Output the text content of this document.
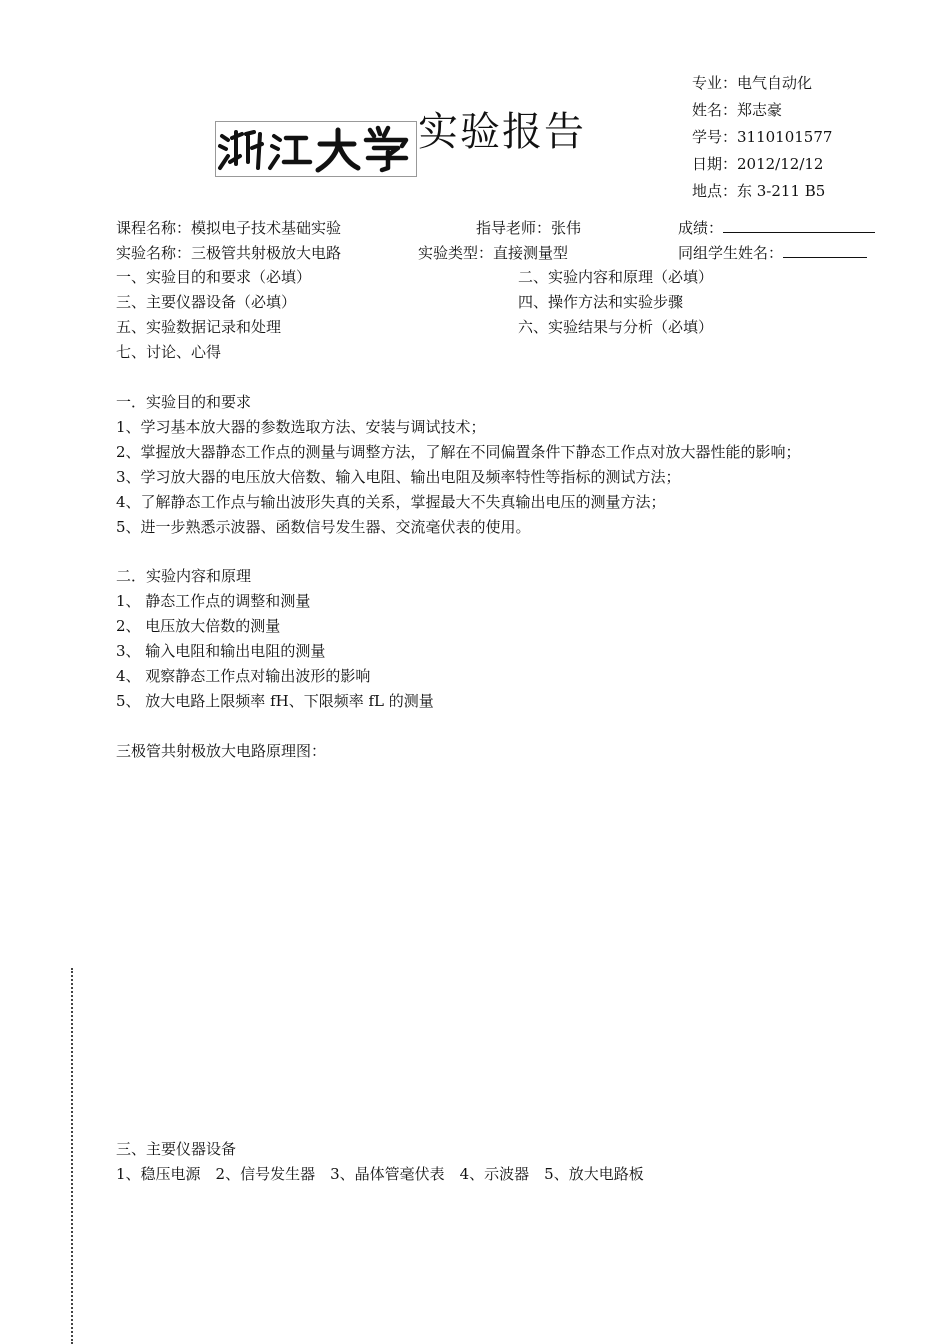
实验报告
专业：电气自动化
姓名：郑志豪
学号：3110101577
日期：2012/12/12
地点：东 3-211 B5
课程名称：模拟电子技术基础实验	指导老师：张伟	成绩：
实验名称：三极管共射极放大电路	实验类型：直接测量型	同组学生姓名：
一、实验目的和要求（必填）	二、实验内容和原理（必填）
三、主要仪器设备（必填）	四、操作方法和实验步骤
五、实验数据记录和处理	六、实验结果与分析（必填）
七、讨论、心得
一．实验目的和要求
1、学习基本放大器的参数选取方法、安装与调试技术；
2、掌握放大器静态工作点的测量与调整方法，了解在不同偏置条件下静态工作点对放大器性能的影响；
3、学习放大器的电压放大倍数、输入电阻、输出电阻及频率特性等指标的测试方法；
4、了解静态工作点与输出波形失真的关系，掌握最大不失真输出电压的测量方法；
5、进一步熟悉示波器、函数信号发生器、交流毫伏表的使用。
二．实验内容和原理
1、 静态工作点的调整和测量
2、 电压放大倍数的测量
3、 输入电阻和输出电阻的测量
4、 观察静态工作点对输出波形的影响
5、 放大电路上限频率 fH、下限频率 fL 的测量
三极管共射极放大电路原理图：
三、主要仪器设备
1、稳压电源　2、信号发生器　3、晶体管毫伏表　4、示波器　5、放大电路板
